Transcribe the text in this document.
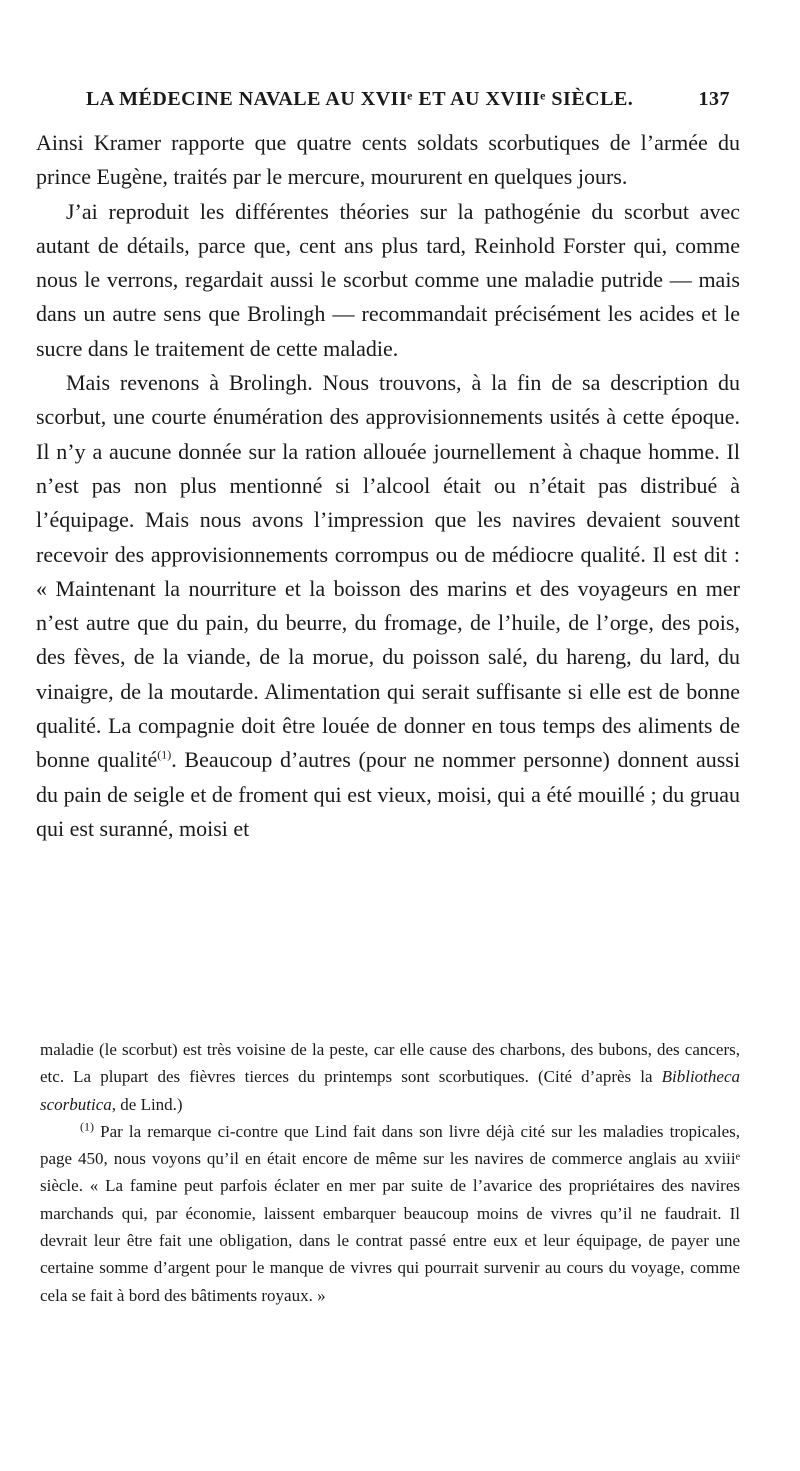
LA MÉDECINE NAVALE AU XVIIᵉ ET AU XVIIIᵉ SIÈCLE.	137

Ainsi Kramer rapporte que quatre cents soldats scorbutiques de l’armée du prince Eugène, traités par le mercure, moururent en quelques jours.

J’ai reproduit les différentes théories sur la pathogénie du scorbut avec autant de détails, parce que, cent ans plus tard, Reinhold Forster qui, comme nous le verrons, regardait aussi le scorbut comme une maladie putride — mais dans un autre sens que Brolingh — recommandait précisément les acides et le sucre dans le traitement de cette maladie.

Mais revenons à Brolingh. Nous trouvons, à la fin de sa description du scorbut, une courte énumération des approvisionnements usités à cette époque. Il n’y a aucune donnée sur la ration allouée journellement à chaque homme. Il n’est pas non plus mentionné si l’alcool était ou n’était pas distribué à l’équipage. Mais nous avons l’impression que les navires devaient souvent recevoir des approvisionnements corrompus ou de médiocre qualité. Il est dit : « Maintenant la nourriture et la boisson des marins et des voyageurs en mer n’est autre que du pain, du beurre, du fromage, de l’huile, de l’orge, des pois, des fèves, de la viande, de la morue, du poisson salé, du hareng, du lard, du vinaigre, de la moutarde. Alimentation qui serait suffisante si elle est de bonne qualité. La compagnie doit être louée de donner en tous temps des aliments de bonne qualité$^{(1)}$. Beaucoup d’autres (pour ne nommer personne) donnent aussi du pain de seigle et de froment qui est vieux, moisi, qui a été mouillé ; du gruau qui est suranné, moisi et

maladie (le scorbut) est très voisine de la peste, car elle cause des charbons, des bubons, des cancers, etc. La plupart des fièvres tierces du printemps sont scorbutiques. (Cité d’après la Bibliotheca scorbutica, de Lind.)

$^{(1)}$ Par la remarque ci-contre que Lind fait dans son livre déjà cité sur les maladies tropicales, page 450, nous voyons qu’il en était encore de même sur les navires de commerce anglais au xviiiᵉ siècle. « La famine peut parfois éclater en mer par suite de l’avarice des propriétaires des navires marchands qui, par économie, laissent embarquer beaucoup moins de vivres qu’il ne faudrait. Il devrait leur être fait une obligation, dans le contrat passé entre eux et leur équipage, de payer une certaine somme d’argent pour le manque de vivres qui pourrait survenir au cours du voyage, comme cela se fait à bord des bâtiments royaux. »
